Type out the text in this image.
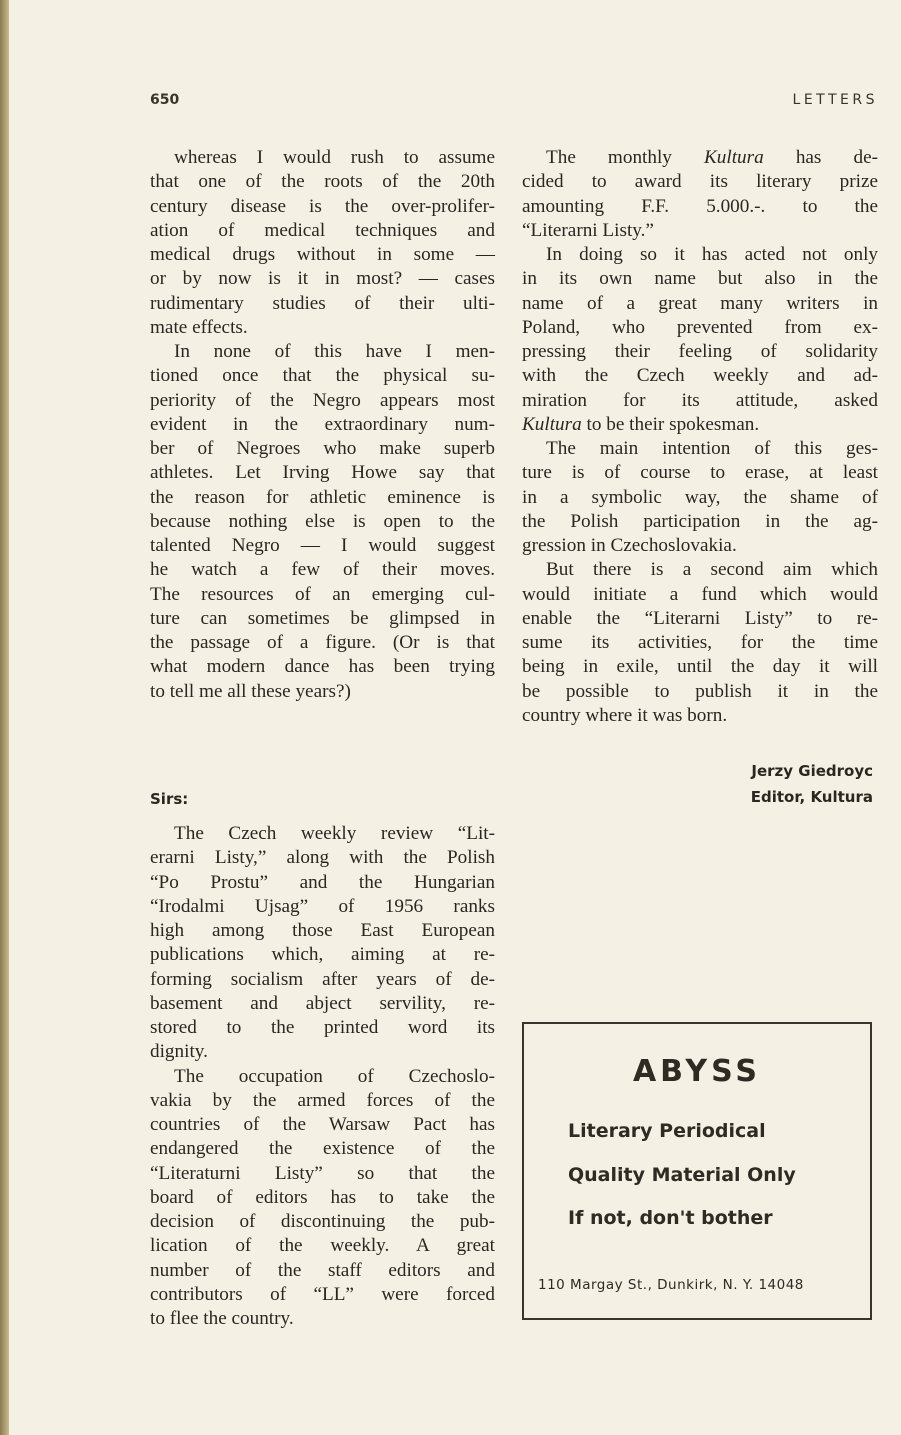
650	LETTERS
whereas I would rush to assume
that one of the roots of the 20th
century disease is the over-prolifer-
ation of medical techniques and
medical drugs without in some —
or by now is it in most? — cases
rudimentary studies of their ulti-
mate effects.
In none of this have I men-
tioned once that the physical su-
periority of the Negro appears most
evident in the extraordinary num-
ber of Negroes who make superb
athletes. Let Irving Howe say that
the reason for athletic eminence is
because nothing else is open to the
talented Negro — I would suggest
he watch a few of their moves.
The resources of an emerging cul-
ture can sometimes be glimpsed in
the passage of a figure. (Or is that
what modern dance has been trying
to tell me all these years?)
Sirs:
The Czech weekly review “Lit-
erarni Listy,” along with the Polish
“Po Prostu” and the Hungarian
“Irodalmi Ujsag” of 1956 ranks
high among those East European
publications which, aiming at re-
forming socialism after years of de-
basement and abject servility, re-
stored to the printed word its
dignity.
The occupation of Czechoslo-
vakia by the armed forces of the
countries of the Warsaw Pact has
endangered the existence of the
“Literaturni Listy” so that the
board of editors has to take the
decision of discontinuing the pub-
lication of the weekly. A great
number of the staff editors and
contributors of “LL” were forced
to flee the country.
The monthly Kultura has de-
cided to award its literary prize
amounting F.F. 5.000.-. to the
“Literarni Listy.”
In doing so it has acted not only
in its own name but also in the
name of a great many writers in
Poland, who prevented from ex-
pressing their feeling of solidarity
with the Czech weekly and ad-
miration for its attitude, asked
Kultura to be their spokesman.
The main intention of this ges-
ture is of course to erase, at least
in a symbolic way, the shame of
the Polish participation in the ag-
gression in Czechoslovakia.
But there is a second aim which
would initiate a fund which would
enable the “Literarni Listy” to re-
sume its activities, for the time
being in exile, until the day it will
be possible to publish it in the
country where it was born.
Jerzy Giedroyc
Editor, Kultura
ABYSS
Literary Periodical
Quality Material Only
If not, don't bother
110 Margay St., Dunkirk, N. Y. 14048
